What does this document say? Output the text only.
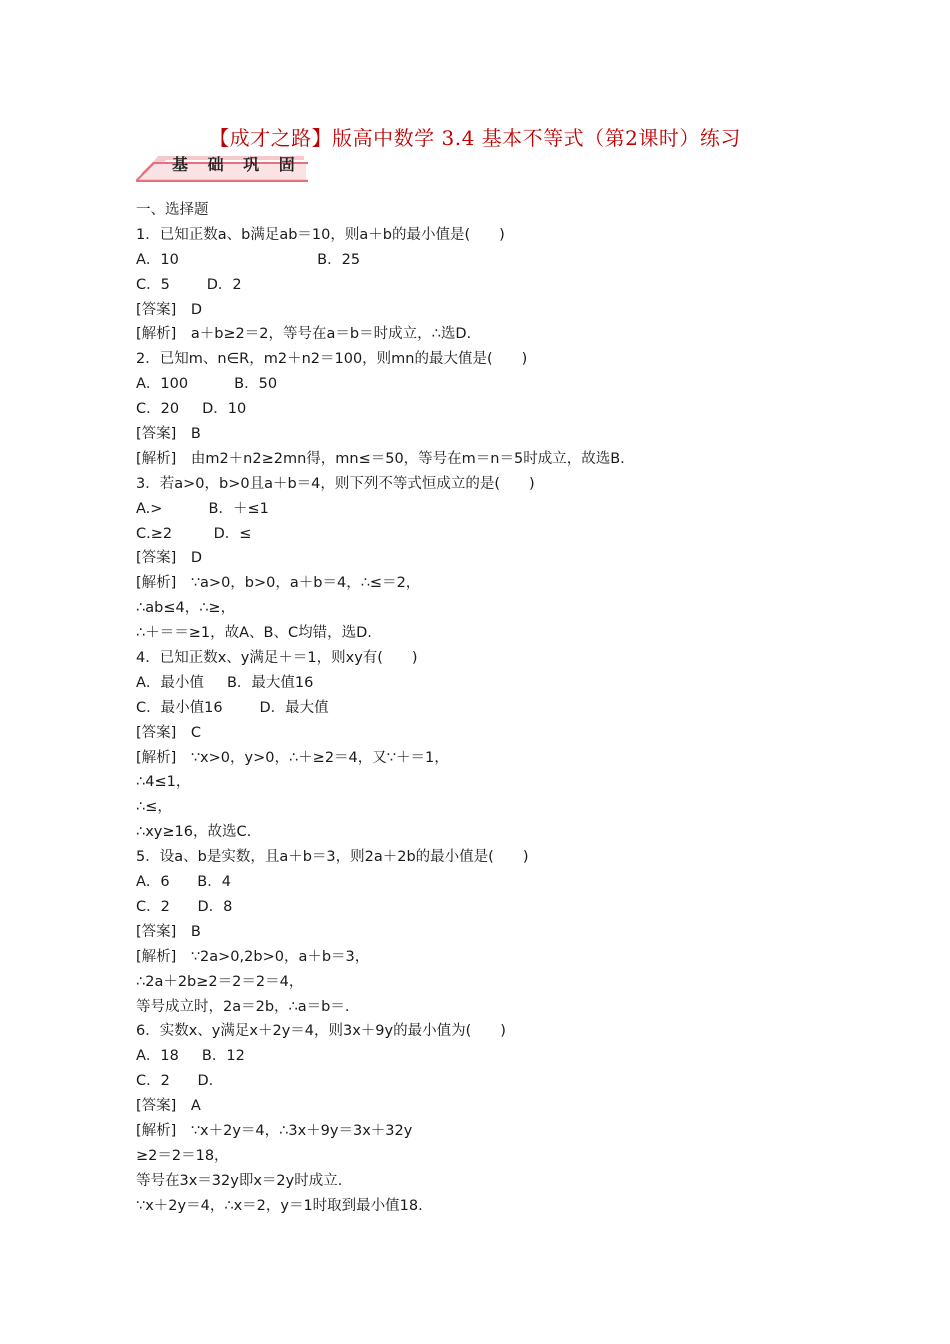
【成才之路】版高中数学 3.4 基本不等式（第2课时）练习
基 础 巩 固
一、选择题
1．已知正数a、b满足ab＝10，则a＋b的最小值是(　　)
A．10                              B．25
C．5        D．2
[答案]　D
[解析]　a＋b≥2＝2，等号在a＝b＝时成立，∴选D.
2．已知m、n∈R，m2＋n2＝100，则mn的最大值是(　　)
A．100          B．50
C．20     D．10
[答案]　B
[解析]　由m2＋n2≥2mn得，mn≤＝50，等号在m＝n＝5时成立，故选B.
3．若a>0，b>0且a＋b＝4，则下列不等式恒成立的是(　　)
A.>          B．＋≤1
C.≥2         D．≤
[答案]　D
[解析]　∵a>0，b>0，a＋b＝4，∴≤＝2，
∴ab≤4，∴≥，
∴＋＝＝≥1，故A、B、C均错，选D.
4．已知正数x、y满足＋＝1，则xy有(　　)
A．最小值     B．最大值16
C．最小值16        D．最大值
[答案]　C
[解析]　∵x>0，y>0，∴＋≥2＝4，又∵＋＝1，
∴4≤1，
∴≤，
∴xy≥16，故选C.
5．设a、b是实数，且a＋b＝3，则2a＋2b的最小值是(　　)
A．6      B．4
C．2      D．8
[答案]　B
[解析]　∵2a>0,2b>0，a＋b＝3，
∴2a＋2b≥2＝2＝2＝4，
等号成立时，2a＝2b，∴a＝b＝.
6．实数x、y满足x＋2y＝4，则3x＋9y的最小值为(　　)
A．18     B．12
C．2      D.
[答案]　A
[解析]　∵x＋2y＝4，∴3x＋9y＝3x＋32y
≥2＝2＝18，
等号在3x＝32y即x＝2y时成立.
∵x＋2y＝4，∴x＝2，y＝1时取到最小值18.
